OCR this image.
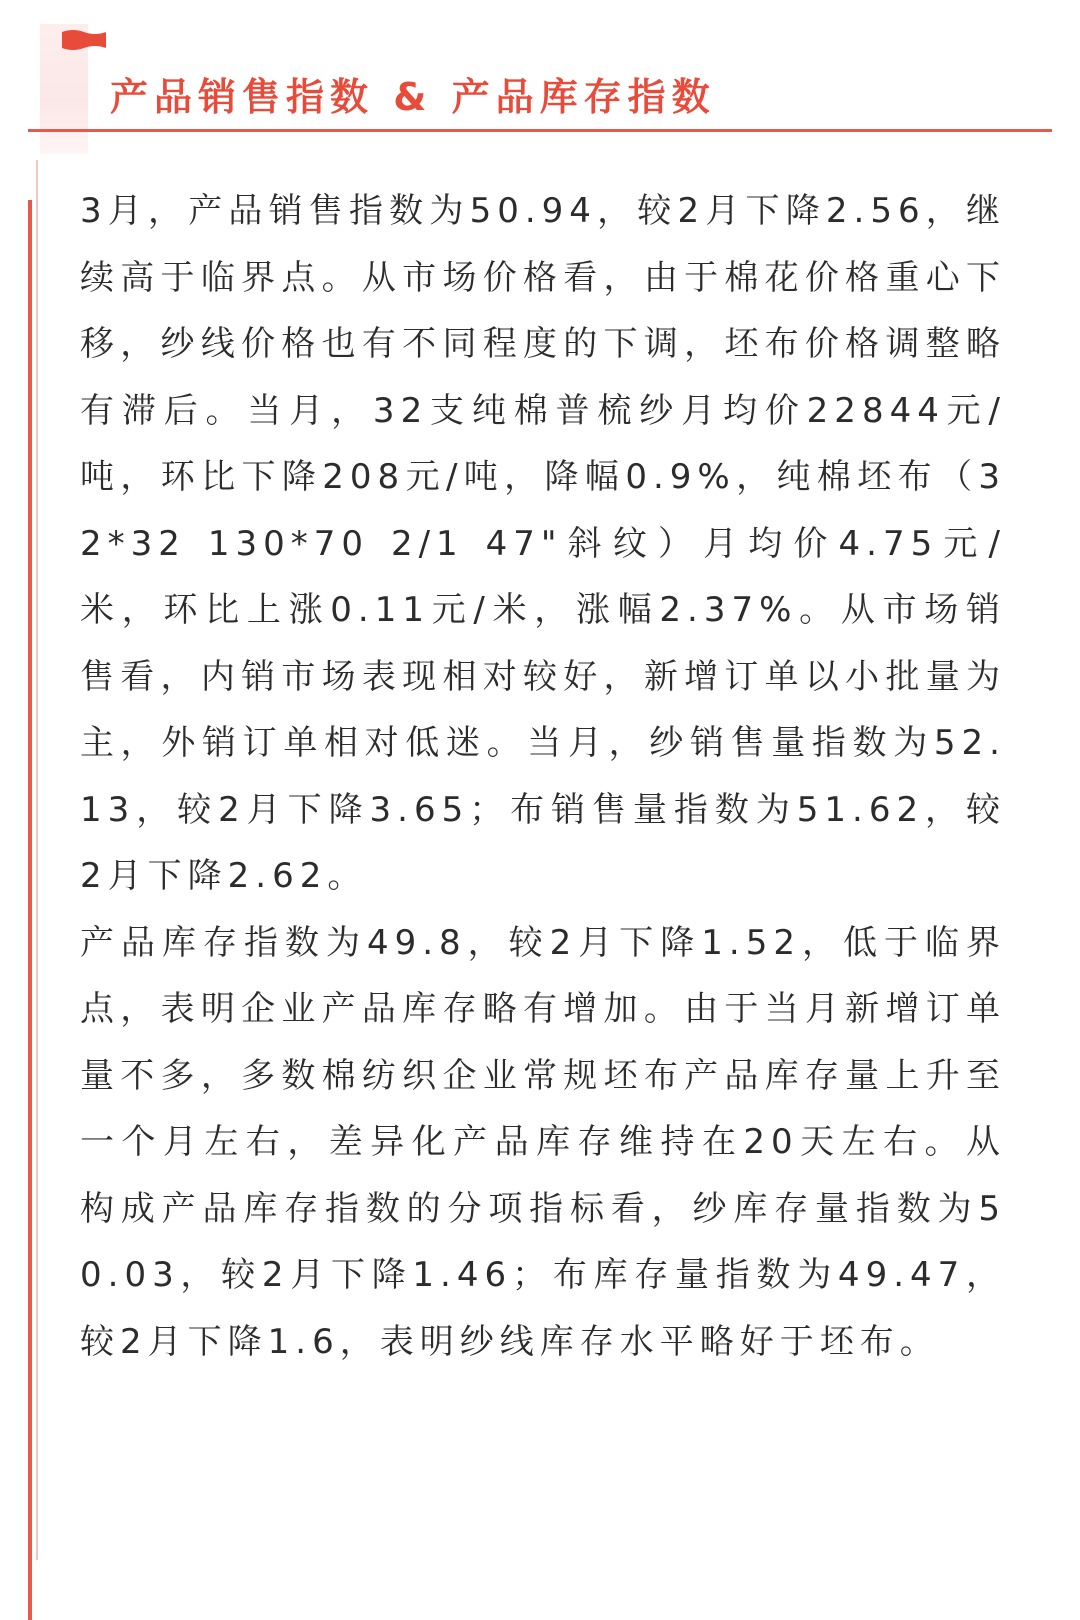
产品销售指数 & 产品库存指数

3月，产品销售指数为50.94，较2月下降2.56，继续高于临界点。从市场价格看，由于棉花价格重心下移，纱线价格也有不同程度的下调，坯布价格调整略有滞后。当月，32支纯棉普梳纱月均价22844元/吨，环比下降208元/吨，降幅0.9%，纯棉坯布（32*32 130*70 2/1 47"斜纹）月均价4.75元/米，环比上涨0.11元/米，涨幅2.37%。从市场销售看，内销市场表现相对较好，新增订单以小批量为主，外销订单相对低迷。当月，纱销售量指数为52.13，较2月下降3.65；布销售量指数为51.62，较2月下降2.62。

产品库存指数为49.8，较2月下降1.52，低于临界点，表明企业产品库存略有增加。由于当月新增订单量不多，多数棉纺织企业常规坯布产品库存量上升至一个月左右，差异化产品库存维持在20天左右。从构成产品库存指数的分项指标看，纱库存量指数为50.03，较2月下降1.46；布库存量指数为49.47，较2月下降1.6，表明纱线库存水平略好于坯布。
